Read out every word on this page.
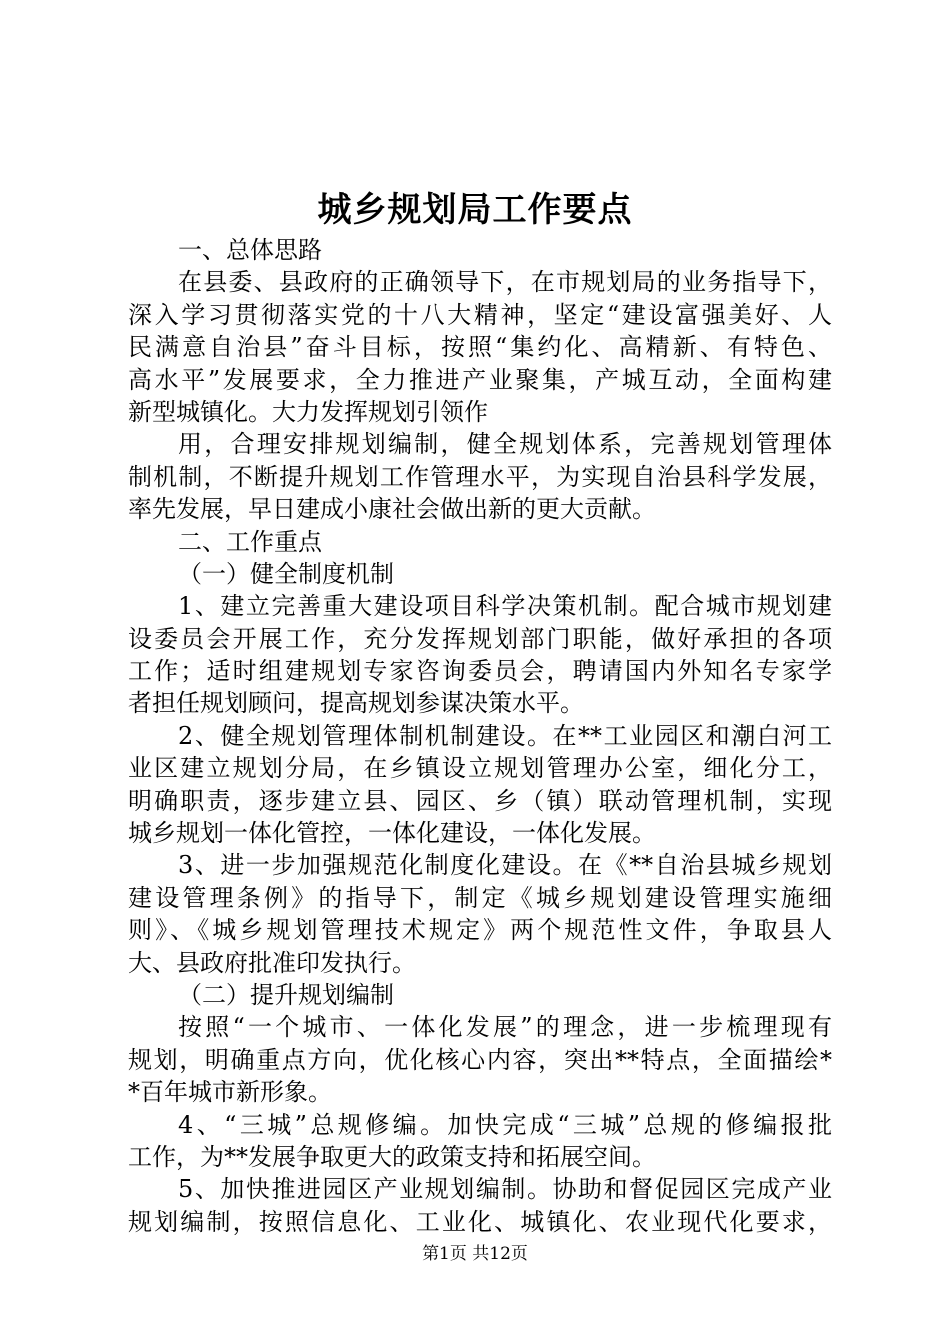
城乡规划局工作要点
一、总体思路
在县委、县政府的正确领导下，在市规划局的业务指导下，
深入学习贯彻落实党的十八大精神，坚定“建设富强美好、人
民满意自治县”奋斗目标，按照“集约化、高精新、有特色、
高水平”发展要求，全力推进产业聚集，产城互动，全面构建
新型城镇化。大力发挥规划引领作
用，合理安排规划编制，健全规划体系，完善规划管理体
制机制，不断提升规划工作管理水平，为实现自治县科学发展，
率先发展，早日建成小康社会做出新的更大贡献。
二、工作重点
（一）健全制度机制
1、建立完善重大建设项目科学决策机制。配合城市规划建
设委员会开展工作，充分发挥规划部门职能，做好承担的各项
工作；适时组建规划专家咨询委员会，聘请国内外知名专家学
者担任规划顾问，提高规划参谋决策水平。
2、健全规划管理体制机制建设。在**工业园区和潮白河工
业区建立规划分局，在乡镇设立规划管理办公室，细化分工，
明确职责，逐步建立县、园区、乡（镇）联动管理机制，实现
城乡规划一体化管控，一体化建设，一体化发展。
3、进一步加强规范化制度化建设。在《**自治县城乡规划
建设管理条例》的指导下，制定《城乡规划建设管理实施细
则》、《城乡规划管理技术规定》两个规范性文件，争取县人
大、县政府批准印发执行。
（二）提升规划编制
按照“一个城市、一体化发展”的理念，进一步梳理现有
规划，明确重点方向，优化核心内容，突出**特点，全面描绘*
*百年城市新形象。
4、“三城”总规修编。加快完成“三城”总规的修编报批
工作，为**发展争取更大的政策支持和拓展空间。
5、加快推进园区产业规划编制。协助和督促园区完成产业
规划编制，按照信息化、工业化、城镇化、农业现代化要求，
第1页 共12页
